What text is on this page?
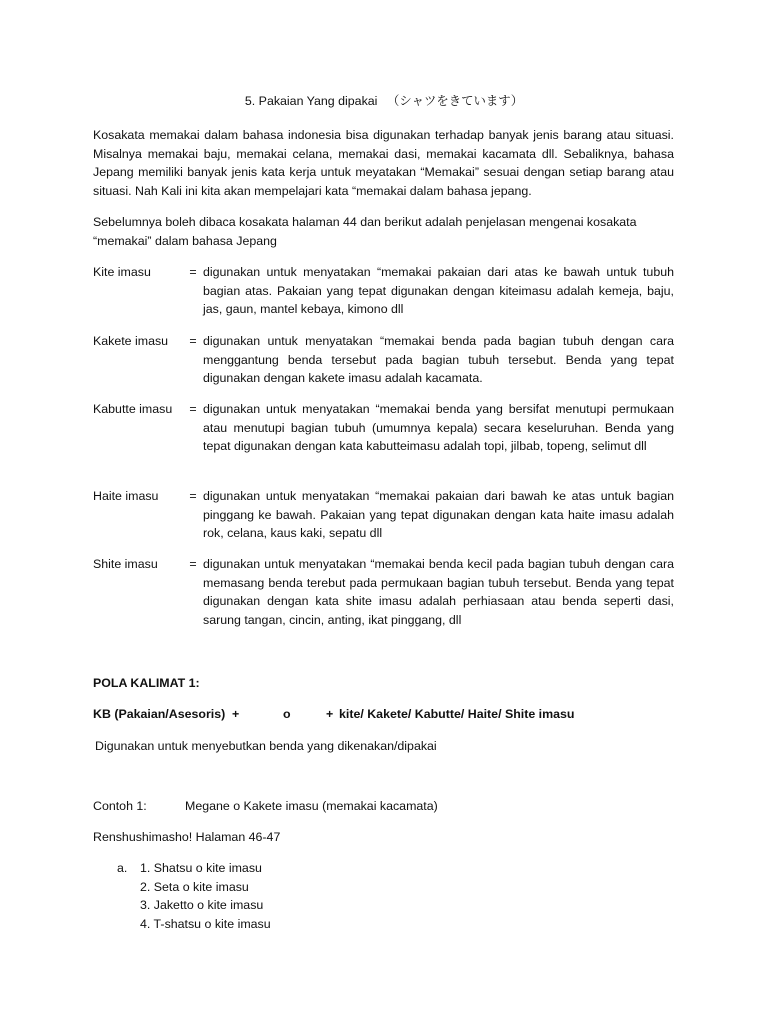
5. Pakaian Yang dipakai 　（シャツをきています）
Kosakata memakai dalam bahasa indonesia bisa digunakan terhadap banyak jenis barang atau situasi. Misalnya memakai baju, memakai celana, memakai dasi, memakai kacamata dll. Sebaliknya, bahasa Jepang memiliki banyak jenis kata kerja untuk meyatakan “Memakai” sesuai dengan setiap barang atau situasi. Nah Kali ini kita akan mempelajari kata “memakai dalam bahasa jepang.
Sebelumnya boleh dibaca kosakata halaman 44 dan berikut adalah penjelasan mengenai kosakata “memakai” dalam bahasa Jepang
Kite imasu	= digunakan untuk menyatakan “memakai pakaian dari atas ke bawah untuk tubuh bagian atas. Pakaian yang tepat digunakan dengan kiteimasu adalah kemeja, baju, jas, gaun, mantel kebaya, kimono dll
Kakete imasu	= digunakan untuk menyatakan “memakai benda pada bagian tubuh dengan cara menggantung benda tersebut pada bagian tubuh tersebut. Benda yang tepat digunakan dengan kakete imasu adalah kacamata.
Kabutte imasu	= digunakan untuk menyatakan “memakai benda yang bersifat menutupi permukaan atau menutupi bagian tubuh (umumnya kepala) secara keseluruhan. Benda yang tepat digunakan dengan kata kabutteimasu adalah topi, jilbab, topeng, selimut dll
Haite imasu	= digunakan untuk menyatakan “memakai pakaian dari bawah ke atas untuk bagian pinggang ke bawah. Pakaian yang tepat digunakan dengan kata haite imasu adalah rok, celana, kaus kaki, sepatu dll
Shite imasu	= digunakan untuk menyatakan “memakai benda kecil pada bagian tubuh dengan cara memasang benda terebut pada permukaan bagian tubuh tersebut. Benda yang tepat digunakan dengan kata shite imasu adalah perhiasaan atau benda seperti dasi, sarung tangan, cincin, anting, ikat pinggang, dll
POLA KALIMAT 1:
KB (Pakaian/Asesoris) +	o	+ kite/ Kakete/ Kabutte/ Haite/ Shite imasu
Digunakan untuk menyebutkan benda yang dikenakan/dipakai
Contoh 1:	Megane o Kakete imasu (memakai kacamata)
Renshushimasho! Halaman 46-47
a. 1. Shatsu o kite imasu
2. Seta o kite imasu
3. Jaketto o kite imasu
4. T-shatsu o kite imasu
